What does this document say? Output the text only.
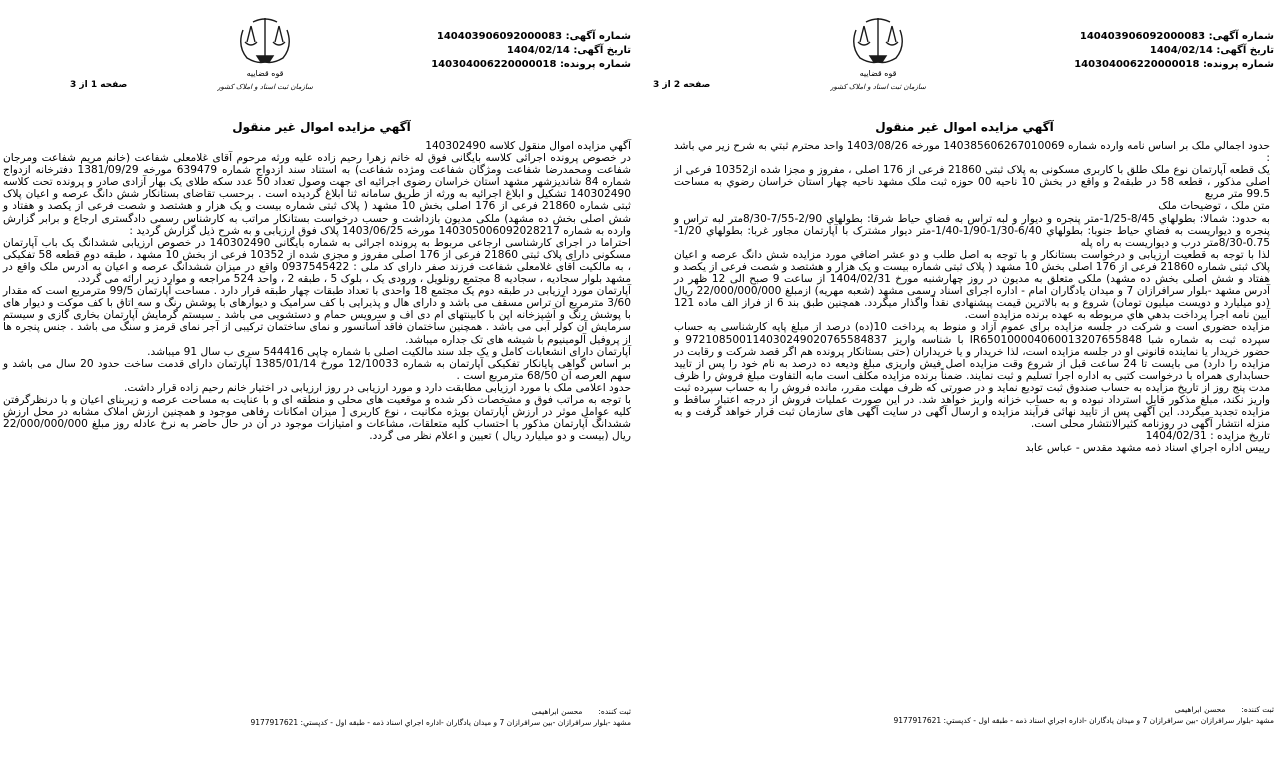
شماره آگهی: 140403906092000083
تاریخ آگهی: 1404/02/14
شماره پرونده: 140304006220000018
قوه قضاییه
سازمان ثبت اسناد و املاک کشور
صفحه 2 از 3
آگهي مزايده اموال غير منقول

حدود اجمالي ملک بر اساس نامه وارده شماره 140385606267010069 مورخه 1403/08/26 واحد محترم ثبتي به شرح زير مي باشد :

يک قطعه آپارتمان نوع ملک طلق با کاربری مسکونی به پلاک ثبتی 21860 فرعی از 176 اصلی ، مفروز و مجزا شده از10352 فرعی از اصلی مذکور ، قطعه 58 در طبقه2 و واقع در بخش 10 ناحيه 00 حوزه ثبت ملک مشهد ناحيه چهار استان خراسان رضوي به مساحت 99.5 متر مربع

متن ملک ، توضیحات ملک

به حدود: شمالا: بطولهاي 8/45-1/25-متر پنجره و ديوار و لبه تراس به فضاي حياط شرقا: بطولهاي 2/90-7/55-8/30متر لبه تراس و پنجره و ديواريست به فضاي حياط جنوبا: بطولهاي 6/40-1/30-1/90-1/40-متر ديوار مشترک با آپارتمان مجاور غربا: بطولهاي 1/20-0.75-8/30متر درب و ديواريست به راه پله

لذا با توجه به قطعيت ارزيابی و درخواست بستانكار و با توجه به اصل طلب و دو عشر اضافي مورد مزايده شش دانگ عرصه و اعيان پلاک ثبتی شماره 21860 فرعی از 176 اصلی بخش 10 مشهد ( پلاک ثبتی شماره بيست و يک هزار و هشتصد و شصت فرعی از يکصد و هفتاد و شش اصلی بخش ده مشهد) ملکی متعلق به مديون در روز چهارشنبه مورخ 1404/02/31 از ساعت 9 صبح الی 12 ظهر در آدرس مشهد -بلوار سرافرازان 7 و ميدان يادگاران امام - اداره اجرای اسناد رسمی مشهد (شعبه مهريه) ازمبلغ 22/000/000/000 ريال (دو ميليارد و دويست ميليون تومان) شروع و به بالاترين قيمت پيشنهادی نقداً واگذار ميگردد. همچنين طبق بند 6 از فراز الف ماده 121 آيين نامه اجرا پرداخت بدهي هاي مربوطه به عهده برنده مزايده است.

مزايده حضوری است و شرکت در جلسه مزايده برای عموم آزاد و منوط به پرداخت 10(ده) درصد از مبلغ پايه کارشناسی به حساب سپرده ثبت به شماره شبا IR650100004060013207655848 با شناسه واريز 972108500114030249020765584837 و حضور خريدار يا نماينده قانونی او در جلسه مزايده است، لذا خريدار و يا خريداران (حتی بستانکار پرونده هم اگر قصد شرکت و رقابت در مزايده را دارد) می بايست تا 24 ساعت قبل از شروع وقت مزايده اصل فيش واريزی مبلغ وديعه ده درصد به نام خود را پس از تاييد حسابداری همراه با درخواست کتبی به اداره اجرا تسليم و ثبت نمايند. ضمناً برنده مزايده مکلف است مابه التفاوت مبلغ فروش را ظرف مدت پنج روز از تاريخ مزايده به حساب صندوق ثبت توديع نمايد و در صورتی که ظرف مهلت مقرر، مانده فروش را به حساب سپرده ثبت واريز نکند، مبلغ مذکور قابل استرداد نبوده و به حساب خزانه واريز خواهد شد. در اين صورت عمليات فروش از درجه اعتبار ساقط و مزايده تجديد ميگردد. اين آگهی پس از تاييد نهائی فرآيند مزايده و ارسال آگهی در سايت آگهی های سازمان ثبت قرار خواهد گرفت و به منزله انتشار آگهی در روزنامه کثيرالانتشار محلی است.

تاريخ مزايده : 1404/02/31

رييس اداره اجراي اسناد ذمه مشهد مقدس - عباس عابد

ثبت کننده:محسن ابراهیمی
مشهد -بلوار سرافرازان -بين سرافرازان 7 و ميدان يادگاران -اداره اجراي اسناد ذمه - طبقه اول - کدپستي: 9177917621
شماره آگهی: 140403906092000083
تاریخ آگهی: 1404/02/14
شماره پرونده: 140304006220000018
قوه قضاییه
سازمان ثبت اسناد و املاک کشور
صفحه 1 از 3
آگهي مزايده اموال غير منقول

آگهي مزايده اموال منقول كلاسه 140302490

در خصوص پرونده اجرائی کلاسه بايگانی فوق له خانم زهرا رحيم زاده عليه ورثه مرحوم آقای غلامعلی شفاعت (خانم مريم شفاعت ومرجان شفاعت ومحمدرضا شفاعت ومژگان شفاعت ومژده شفاعت) به استناد سند ازدواج شماره 639479 مورخه 1381/09/29 دفترخانه ازدواج شماره 84 شانديزشهر مشهد استان خراسان رضوی اجرائيه ای جهت وصول تعداد 50 عدد سکه طلای يک بهار آزادی صادر و پرونده تحت کلاسه 140302490 تشکيل و ابلاغ اجرائيه به ورثه از طريق سامانه ثنا ابلاغ گرديده است . برحسب تقاضای بستانکار شش دانگ عرصه و اعيان پلاک ثبتی شماره 21860 فرعی از 176 اصلی بخش 10 مشهد ( پلاک ثبتی شماره بيست و يک هزار و هشتصد و شصت فرعی از يکصد و هفتاد و شش اصلی بخش ده مشهد) ملکی مديون بازداشت و حسب درخواست بستانکار مراتب به کارشناس رسمی دادگستری ارجاع و برابر گزارش وارده به شماره 140305006092028217 مورخه 1403/06/25 پلاک فوق ارزيابی و به شرح ذيل گزارش گرديد :

احتراما در اجرای کارشناسی ارجاعی مربوط به پرونده اجرائی به شماره بايگانی 140302490 در خصوص ارزيابی ششدانگ يک باب آپارتمان مسکونی دارای پلاک ثبتی 21860 فرعی از 176 اصلی مفروز و مجزی شده از 10352 فرعی از بخش 10 مشهد ، طبقه دوم قطعه 58 تفکيکی ، به مالکيت آقای غلامعلی شفاعت فرزند صفر دارای کد ملی : 0937545422 واقع در ميزان ششدانگ عرصه و اعيان به آدرس ملک واقع در مشهد بلوار سجاديه ، سجاديه 8 مجتمع رونلويل ، ورودی يک ، بلوک 5 ، طبقه 2 ، واحد 524 مراجعه و موارد زير ارائه می گردد.

آپارتمان مورد ارزيابی در طبقه دوم يک مجتمع 18 واحدی با تعداد طبقات چهار طبقه قرار دارد . مساحت آپارتمان 99/5 مترمربع است که مقدار 3/60 مترمربع آن تراس مسقف می باشد و دارای هال و پذيرايی با کف سراميک و ديوارهای با پوشش رنگ و سه اتاق با کف موکت و ديوار های با پوشش رنگ و آشپزخانه اپن با کابينتهای ام دی اف و سرويس حمام و دستشويی می باشد . سيستم گرمايش آپارتمان بخاری گازی و سيستم سرمايش آن کولر آبی می باشد . همچنين ساختمان فاقد آسانسور و نمای ساختمان ترکيبی از آجر نمای قرمز و سنگ می باشد . جنس پنجره ها از پروفيل آلومينيوم با شيشه های تک جداره ميباشد.

آپارتمان دارای انشعابات کامل و يک جلد سند مالکيت اصلی با شماره چاپی 544416 سری ب سال 91 ميباشد.

بر اساس گواهی پايانکار تفکيکی آپارتمان به شماره 12/10033 مورخ 1385/01/14 آپارتمان دارای قدمت ساخت حدود 20 سال می باشد و سهم العرصه آن 68/50 مترمربع است .

حدود اعلامی ملک با مورد ارزيابی مطابقت دارد و مورد ارزيابی در روز ارزيابی در اختيار خانم رحيم زاده قرار داشت.

با توجه به مراتب فوق و مشخصات ذکر شده و موقعيت های محلی و منطقه ای و با عنايت به مساحت عرصه و زيربنای اعيان و با درنظرگرفتن کليه عوامل موثر در ارزش آپارتمان بويژه مکانيت ، نوع کاربری [ ميزان امکانات رفاهی موجود و همچنين ارزش املاک مشابه در محل ارزش ششدانگ آپارتمان مذکور با احتساب کليه متعلقات، مشاعات و امتيازات موجود در آن در حال حاضر به نرخ عادله روز مبلغ 22/000/000/000 ريال (بيست و دو ميليارد ريال ) تعيين و اعلام نظر می گردد.

ثبت کننده:محسن ابراهیمی
مشهد -بلوار سرافرازان -بين سرافرازان 7 و ميدان يادگاران -اداره اجراي اسناد ذمه - طبقه اول - کدپستي: 9177917621
